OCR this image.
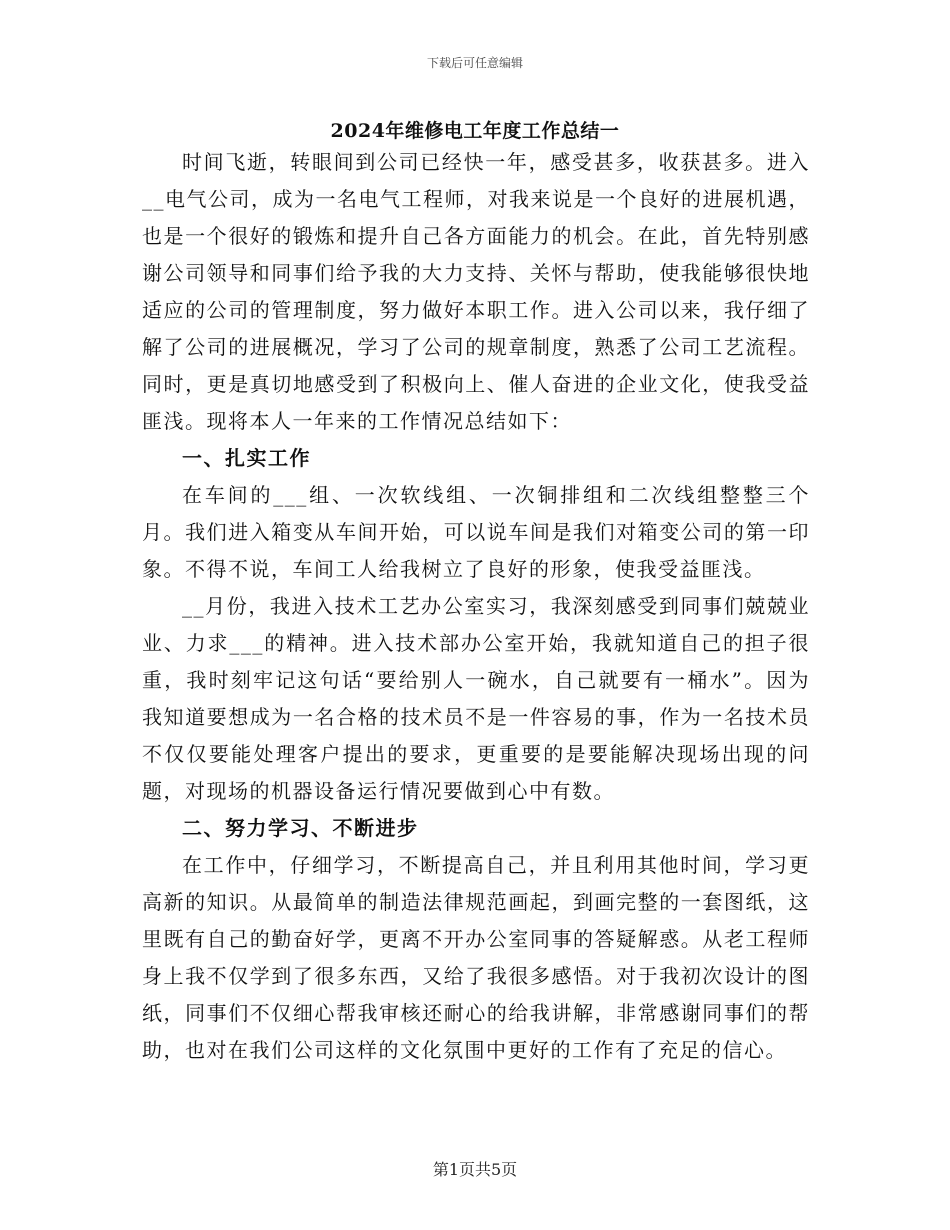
下载后可任意编辑
2024年维修电工年度工作总结一

时间飞逝，转眼间到公司已经快一年，感受甚多，收获甚多。进入__电气公司，成为一名电气工程师，对我来说是一个良好的进展机遇，也是一个很好的锻炼和提升自己各方面能力的机会。在此，首先特别感谢公司领导和同事们给予我的大力支持、关怀与帮助，使我能够很快地适应的公司的管理制度，努力做好本职工作。进入公司以来，我仔细了解了公司的进展概况，学习了公司的规章制度，熟悉了公司工艺流程。同时，更是真切地感受到了积极向上、催人奋进的企业文化，使我受益匪浅。现将本人一年来的工作情况总结如下：

一、扎实工作

在车间的___组、一次软线组、一次铜排组和二次线组整整三个月。我们进入箱变从车间开始，可以说车间是我们对箱变公司的第一印象。不得不说，车间工人给我树立了良好的形象，使我受益匪浅。

__月份，我进入技术工艺办公室实习，我深刻感受到同事们兢兢业业、力求___的精神。进入技术部办公室开始，我就知道自己的担子很重，我时刻牢记这句话“要给别人一碗水，自己就要有一桶水”。因为我知道要想成为一名合格的技术员不是一件容易的事，作为一名技术员不仅仅要能处理客户提出的要求，更重要的是要能解决现场出现的问题，对现场的机器设备运行情况要做到心中有数。

二、努力学习、不断进步

在工作中，仔细学习，不断提高自己，并且利用其他时间，学习更高新的知识。从最简单的制造法律规范画起，到画完整的一套图纸，这里既有自己的勤奋好学，更离不开办公室同事的答疑解惑。从老工程师身上我不仅学到了很多东西，又给了我很多感悟。对于我初次设计的图纸，同事们不仅细心帮我审核还耐心的给我讲解，非常感谢同事们的帮助，也对在我们公司这样的文化氛围中更好的工作有了充足的信心。

第1页共5页
